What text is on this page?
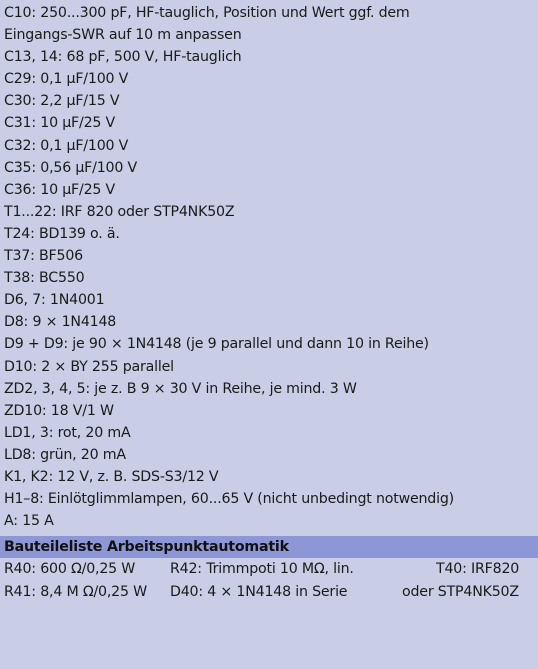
C10: 250...300 pF, HF-tauglich, Position und Wert ggf. dem
Eingangs-SWR auf 10 m anpassen
C13, 14: 68 pF, 500 V, HF-tauglich
C29: 0,1 µF/100 V
C30: 2,2 µF/15 V
C31: 10 µF/25 V
C32: 0,1 µF/100 V
C35: 0,56 µF/100 V
C36: 10 µF/25 V
T1...22: IRF 820 oder STP4NK50Z
T24: BD139 o. ä.
T37: BF506
T38: BC550
D6, 7: 1N4001
D8: 9 × 1N4148
D9 + D9: je 90 × 1N4148 (je 9 parallel und dann 10 in Reihe)
D10: 2 × BY 255 parallel
ZD2, 3, 4, 5: je z. B 9 × 30 V in Reihe, je mind. 3 W
ZD10: 18 V/1 W
LD1, 3: rot, 20 mA
LD8: grün, 20 mA
K1, K2: 12 V, z. B. SDS-S3/12 V
H1–8: Einlötglimmlampen, 60...65 V (nicht unbedingt notwendig)
A: 15 A
Bauteileliste Arbeitspunktautomatik
R40: 600 Ω/0,25 W R42: Trimmpoti 10 MΩ, lin.	T40: IRF820
R41: 8,4 M Ω/0,25 W D40: 4 × 1N4148 in Serie	oder STP4NK50Z
